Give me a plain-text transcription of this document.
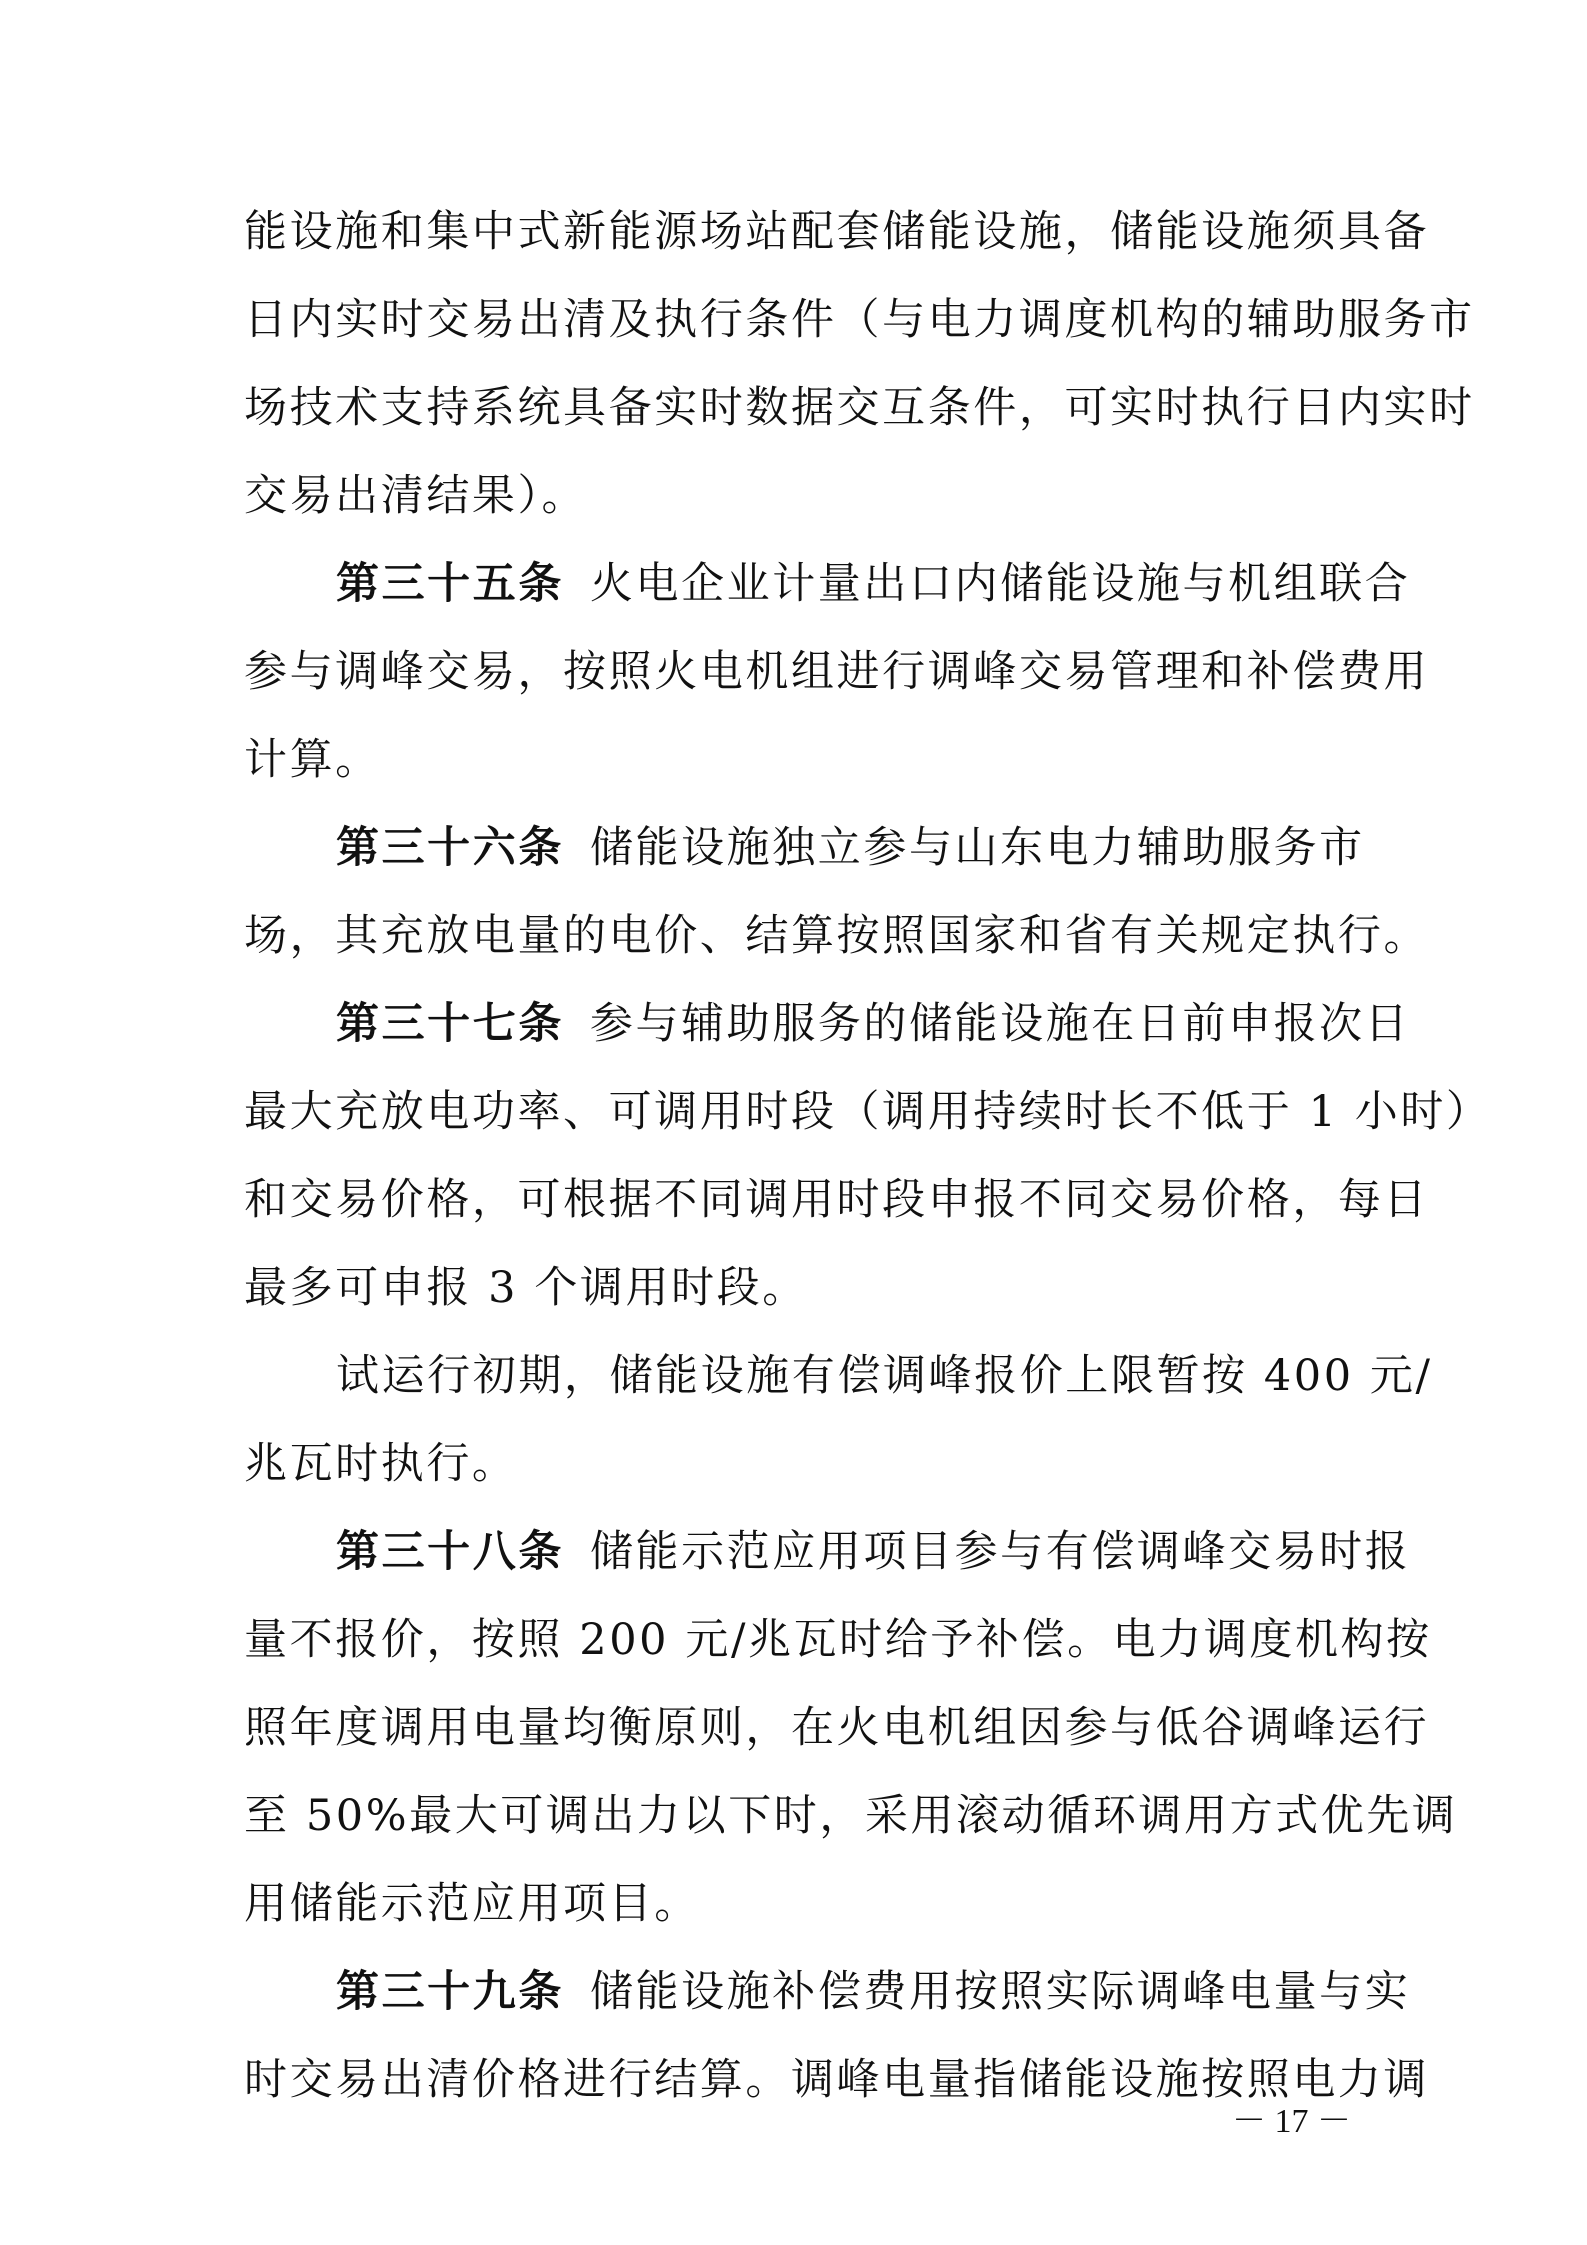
能设施和集中式新能源场站配套储能设施，储能设施须具备
日内实时交易出清及执行条件（与电力调度机构的辅助服务市
场技术支持系统具备实时数据交互条件，可实时执行日内实时
交易出清结果）。
第三十五条 火电企业计量出口内储能设施与机组联合
参与调峰交易，按照火电机组进行调峰交易管理和补偿费用
计算。
第三十六条 储能设施独立参与山东电力辅助服务市
场，其充放电量的电价、结算按照国家和省有关规定执行。
第三十七条 参与辅助服务的储能设施在日前申报次日
最大充放电功率、可调用时段（调用持续时长不低于 1 小时）
和交易价格，可根据不同调用时段申报不同交易价格，每日
最多可申报 3 个调用时段。
试运行初期，储能设施有偿调峰报价上限暂按 400 元/
兆瓦时执行。
第三十八条 储能示范应用项目参与有偿调峰交易时报
量不报价，按照 200 元/兆瓦时给予补偿。电力调度机构按
照年度调用电量均衡原则，在火电机组因参与低谷调峰运行
至 50%最大可调出力以下时，采用滚动循环调用方式优先调
用储能示范应用项目。
第三十九条 储能设施补偿费用按照实际调峰电量与实
时交易出清价格进行结算。调峰电量指储能设施按照电力调
－ 17 －
